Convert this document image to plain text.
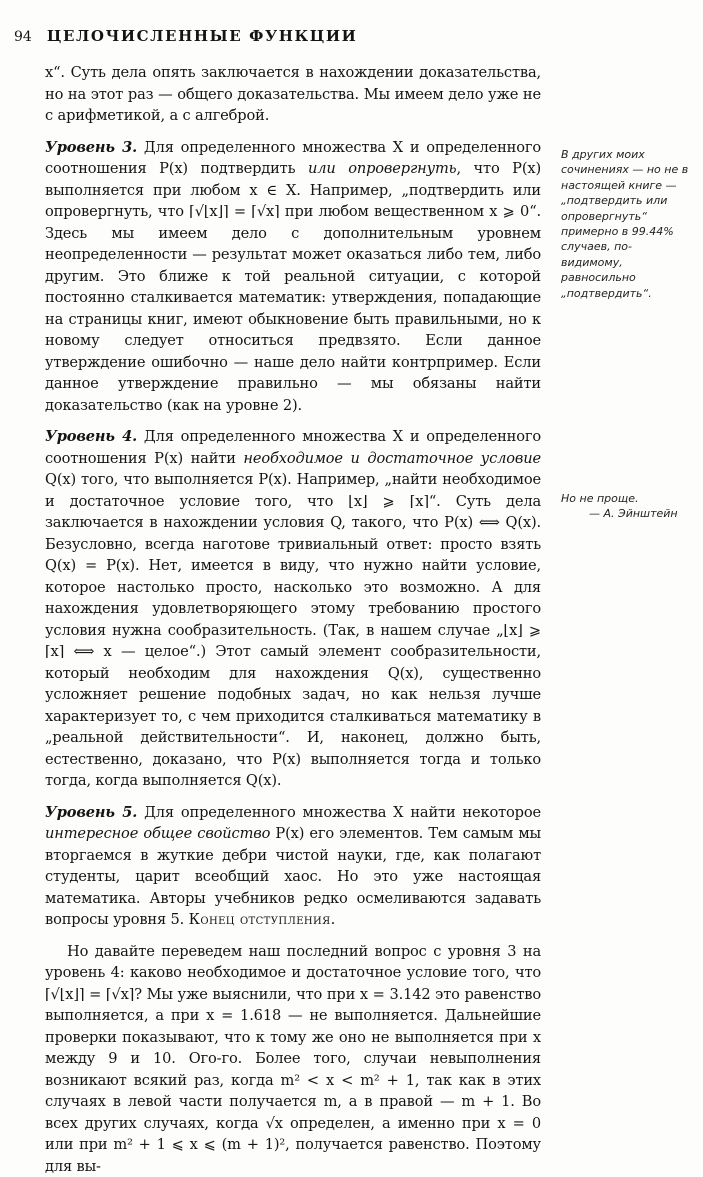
94 ЦЕЛОЧИСЛЕННЫЕ ФУНКЦИИ

x“. Суть дела опять заключается в нахождении доказательства, но на этот раз — общего доказательства. Мы имеем дело уже не с арифметикой, а с алгеброй.

Уровень 3. Для определенного множества X и определенного соотношения P(x) подтвердить или опровергнуть, что P(x) выполняется при любом x ∈ X. Например, „подтвердить или опровергнуть, что ⌈√⌊x⌋⌉ = ⌈√x⌉ при любом вещественном x ⩾ 0“. Здесь мы имеем дело с дополнительным уровнем неопределенности — результат может оказаться либо тем, либо другим. Это ближе к той реальной ситуации, с которой постоянно сталкивается математик: утверждения, попадающие на страницы книг, имеют обыкновение быть правильными, но к новому следует относиться предвзято. Если данное утверждение ошибочно — наше дело найти контрпример. Если данное утверждение правильно — мы обязаны найти доказательство (как на уровне 2).

Уровень 4. Для определенного множества X и определенного соотношения P(x) найти необходимое и достаточное условие Q(x) того, что выполняется P(x). Например, „найти необходимое и достаточное условие того, что ⌊x⌋ ⩾ ⌈x⌉“. Суть дела заключается в нахождении условия Q, такого, что P(x) ⟺ Q(x). Безусловно, всегда наготове тривиальный ответ: просто взять Q(x) = P(x). Нет, имеется в виду, что нужно найти условие, которое настолько просто, насколько это возможно. А для нахождения удовлетворяющего этому требованию простого условия нужна сообразительность. (Так, в нашем случае „⌊x⌋ ⩾ ⌈x⌉ ⟺ x — целое“.) Этот самый элемент сообразительности, который необходим для нахождения Q(x), существенно усложняет решение подобных задач, но как нельзя лучше характеризует то, с чем приходится сталкиваться математику в „реальной действительности“. И, наконец, должно быть, естественно, доказано, что P(x) выполняется тогда и только тогда, когда выполняется Q(x).

Уровень 5. Для определенного множества X найти некоторое интересное общее свойство P(x) его элементов. Тем самым мы вторгаемся в жуткие дебри чистой науки, где, как полагают студенты, царит всеобщий хаос. Но это уже настоящая математика. Авторы учебников редко осмеливаются задавать вопросы уровня 5. Конец отступления.

Но давайте переведем наш последний вопрос с уровня 3 на уровень 4: каково необходимое и достаточное условие того, что ⌈√⌊x⌋⌉ = ⌈√x⌉? Мы уже выяснили, что при x = 3.142 это равенство выполняется, а при x = 1.618 — не выполняется. Дальнейшие проверки показывают, что к тому же оно не выполняется при x между 9 и 10. Ого-го. Более того, случаи невыполнения возникают всякий раз, когда m² < x < m² + 1, так как в этих случаях в левой части получается m, а в правой — m + 1. Во всех других случаях, когда √x определен, а именно при x = 0 или при m² + 1 ⩽ x ⩽ (m + 1)², получается равенство. Поэтому для вы-

В других моих сочинениях — но не в настоящей книге — „подтвердить или опровергнуть“ примерно в 99.44% случаев, по-видимому, равносильно „подтвердить“.
Но не проще.
— А. Эйнштейн
